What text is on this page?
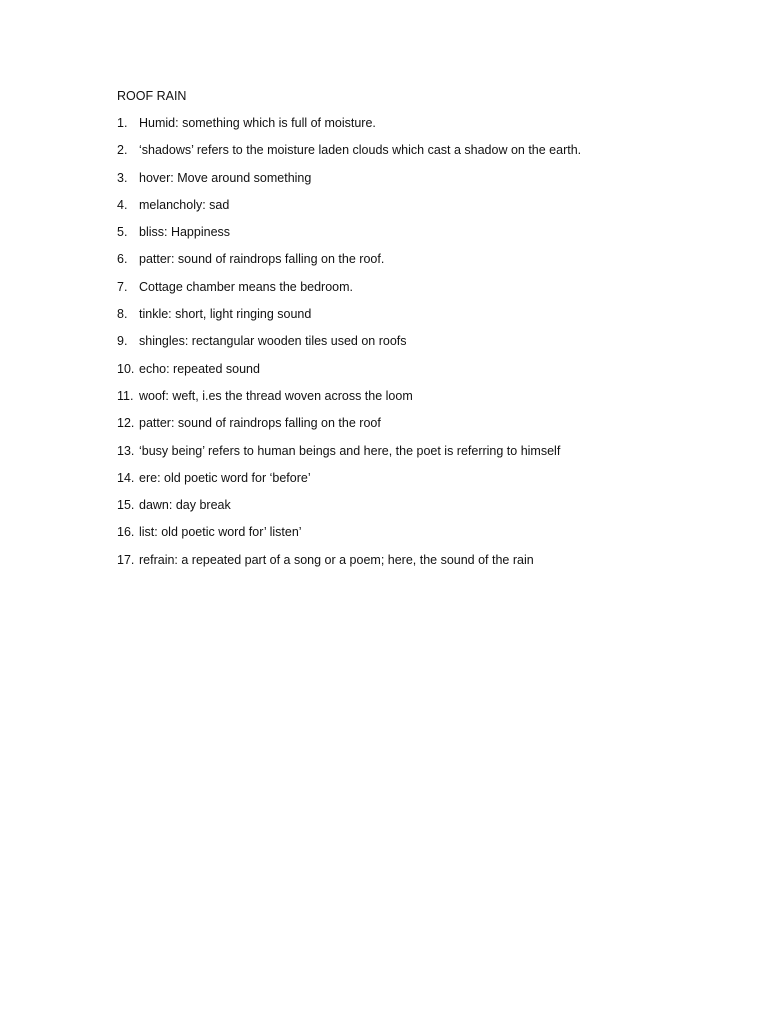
ROOF RAIN
1. Humid: something which is full of moisture.
2. ‘shadows’ refers to the moisture laden clouds which cast a shadow on the earth.
3. hover: Move around something
4. melancholy: sad
5. bliss: Happiness
6. patter: sound of raindrops falling on the roof.
7. Cottage chamber means the bedroom.
8. tinkle: short, light ringing sound
9. shingles: rectangular wooden tiles used on roofs
10. echo: repeated sound
11. woof: weft, i.es the thread woven across the loom
12. patter: sound of raindrops falling on the roof
13. ‘busy being’ refers to human beings and here, the poet is referring to himself
14. ere: old poetic word for ‘before’
15. dawn: day break
16. list: old poetic word for’ listen’
17. refrain: a repeated part of a song or a poem; here, the sound of the rain
